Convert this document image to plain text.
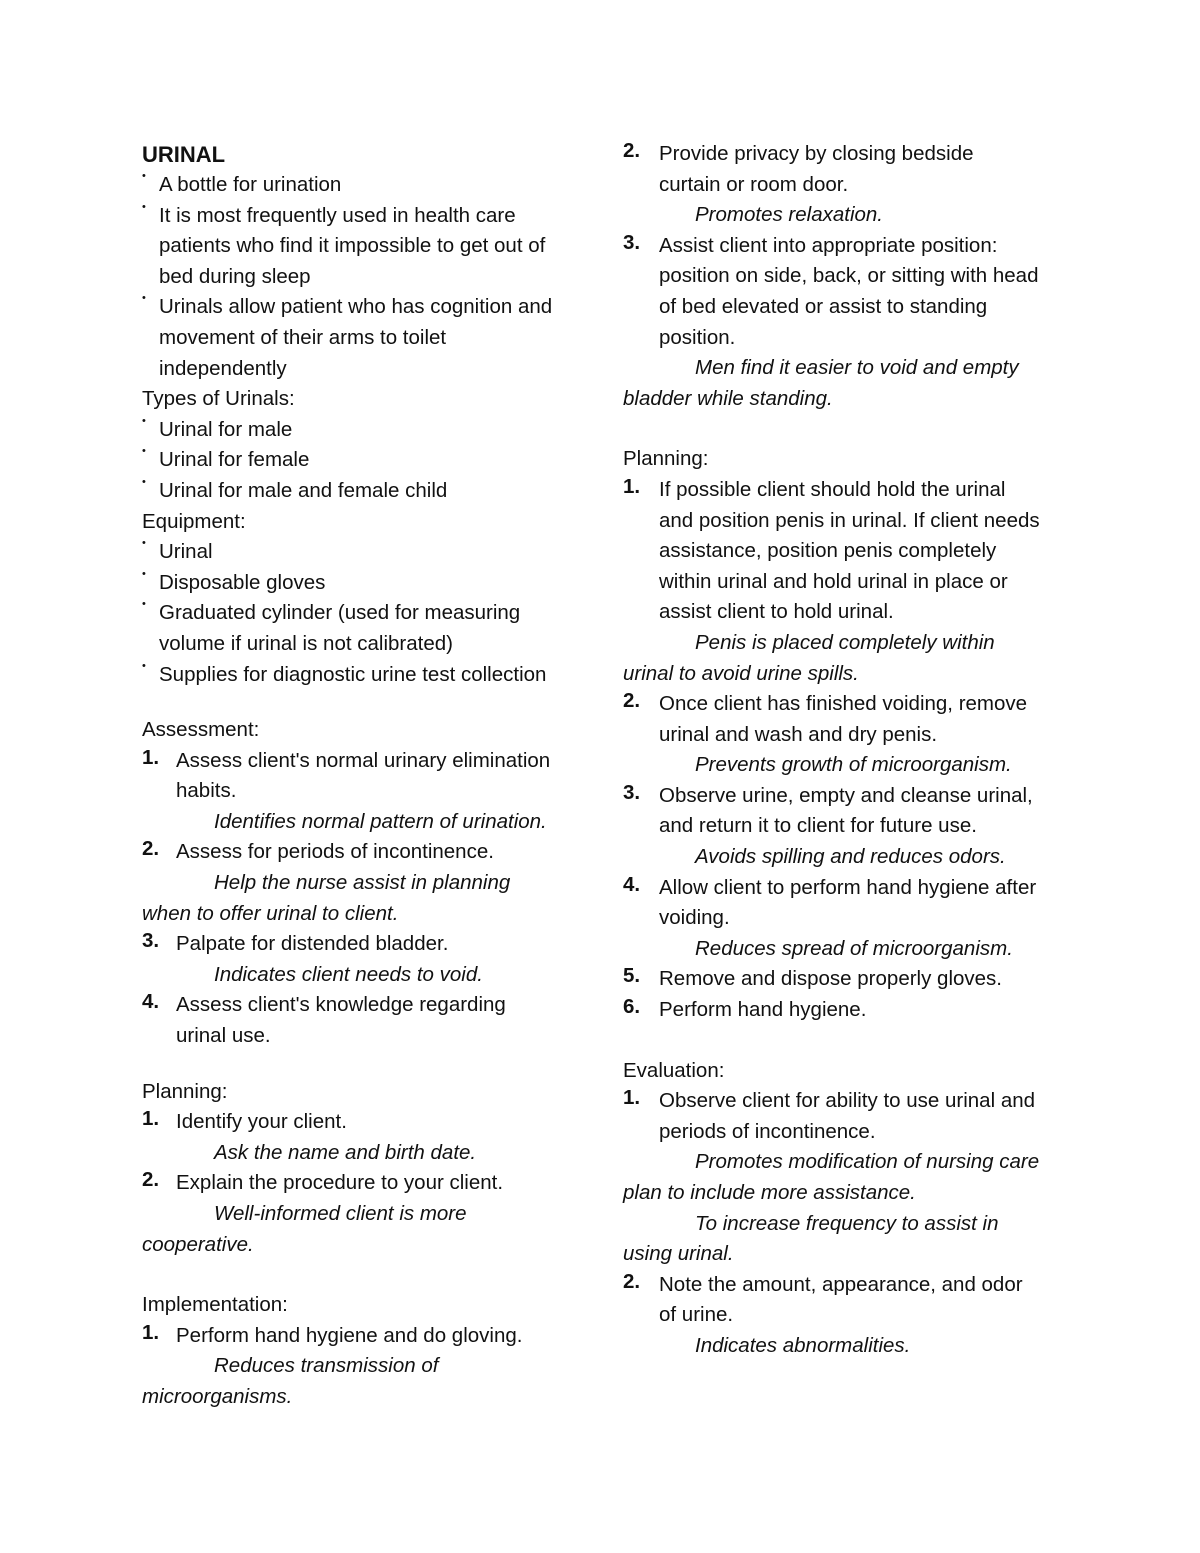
URINAL
• A bottle for urination
• It is most frequently used in health care
patients who find it impossible to get out of
bed during sleep
• Urinals allow patient who has cognition and
movement of their arms to toilet
independently
Types of Urinals:
• Urinal for male
• Urinal for female
• Urinal for male and female child
Equipment:
• Urinal
• Disposable gloves
• Graduated cylinder (used for measuring
volume if urinal is not calibrated)
• Supplies for diagnostic urine test collection
Assessment:
1. Assess client's normal urinary elimination
habits.
Identifies normal pattern of urination.
2. Assess for periods of incontinence.
Help the nurse assist in planning
when to offer urinal to client.
3. Palpate for distended bladder.
Indicates client needs to void.
4. Assess client's knowledge regarding
urinal use.
Planning:
1. Identify your client.
Ask the name and birth date.
2. Explain the procedure to your client.
Well-informed client is more
cooperative.
Implementation:
1. Perform hand hygiene and do gloving.
Reduces transmission of
microorganisms.
2. Provide privacy by closing bedside
curtain or room door.
Promotes relaxation.
3. Assist client into appropriate position:
position on side, back, or sitting with head
of bed elevated or assist to standing
position.
Men find it easier to void and empty
bladder while standing.
Planning:
1. If possible client should hold the urinal
and position penis in urinal. If client needs
assistance, position penis completely
within urinal and hold urinal in place or
assist client to hold urinal.
Penis is placed completely within
urinal to avoid urine spills.
2. Once client has finished voiding, remove
urinal and wash and dry penis.
Prevents growth of microorganism.
3. Observe urine, empty and cleanse urinal,
and return it to client for future use.
Avoids spilling and reduces odors.
4. Allow client to perform hand hygiene after
voiding.
Reduces spread of microorganism.
5. Remove and dispose properly gloves.
6. Perform hand hygiene.
Evaluation:
1. Observe client for ability to use urinal and
periods of incontinence.
Promotes modification of nursing care
plan to include more assistance.
To increase frequency to assist in
using urinal.
2. Note the amount, appearance, and odor
of urine.
Indicates abnormalities.
